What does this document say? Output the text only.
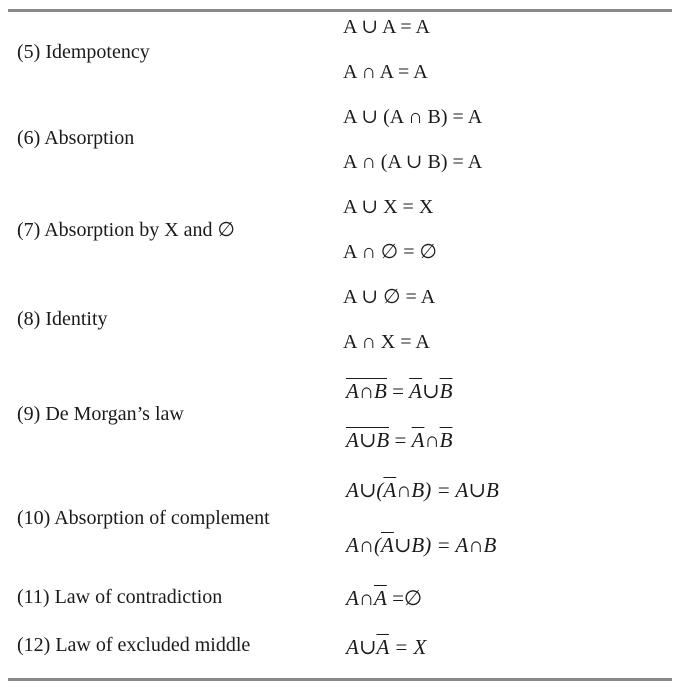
(5) Idempotency
A ∪ A = A
A ∩ A = A
(6) Absorption
A ∪ (A ∩ B) = A
A ∩ (A ∪ B) = A
(7) Absorption by X and ∅
A ∪ X = X
A ∩ ∅ = ∅
(8) Identity
A ∪ ∅ = A
A ∩ X = A
(9) De Morgan’s law
A∩B = $\overline{A}\cup\overline{B}$
A∪B = $\overline{A}\cap\overline{B}$
(10) Absorption of complement
$A\cup(\overline{A}\cap B)$ = A∪B
$A\cap(\overline{A}\cup B)$ = A∩B
(11) Law of contradiction	$A\cap\overline{A}$ =∅
(12) Law of excluded middle	$A\cup\overline{A} = X$
